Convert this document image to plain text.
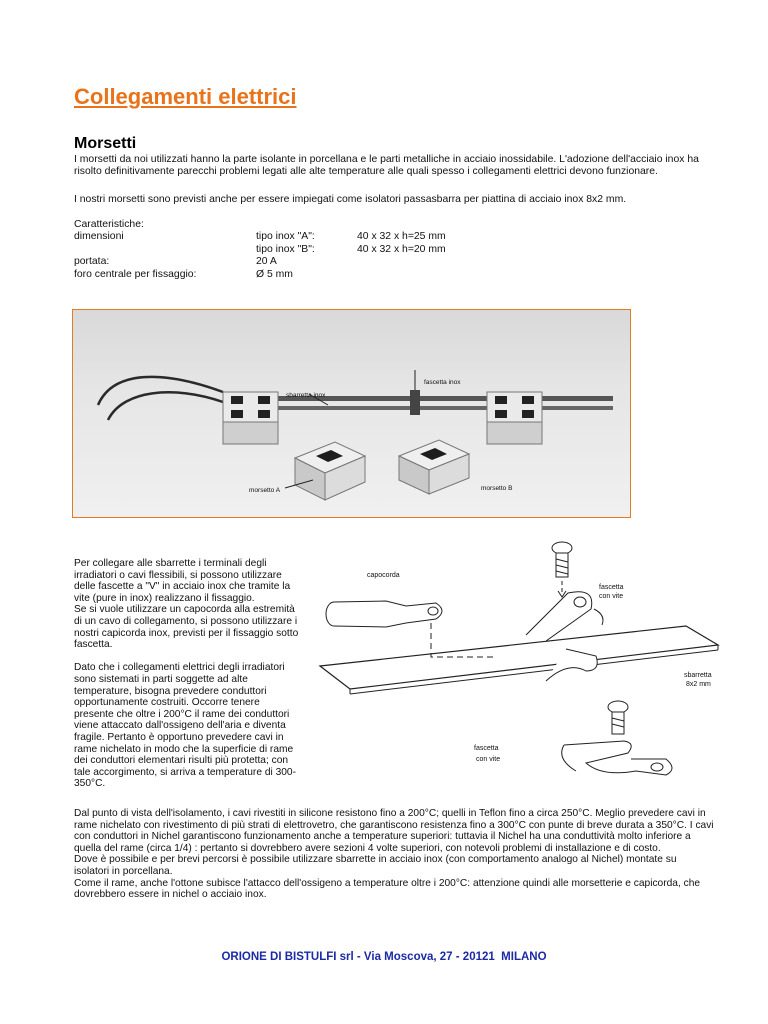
Collegamenti elettrici
Morsetti

I morsetti da noi utilizzati hanno la parte isolante in porcellana e le parti metalliche in acciaio inossidabile. L'adozione dell'acciaio inox ha risolto definitivamente parecchi problemi legati alle alte temperature alle quali spesso i collegamenti elettrici devono funzionare.

I nostri morsetti sono previsti anche per essere impiegati come isolatori passasbarra per piattina di acciaio inox 8x2 mm.

Caratteristiche:
dimensioni	tipo inox "A":	40 x 32 x h=25 mm
tipo inox "B":	40 x 32 x h=20 mm
portata:	20 A
foro centrale per fissaggio:	Ø 5 mm
sbarretta inox
fascetta inox
morsetto A	morsetto B
capocorda
fascetta
con vite
sbarretta
8x2 mm
fascetta
con vite

Per collegare alle sbarrette i terminali degli irradiatori o cavi flessibili, si possono utilizzare delle fascette a "V" in acciaio inox che tramite la vite (pure in inox) realizzano il fissaggio.

Se si vuole utilizzare un capocorda alla estremità di un cavo di collegamento, si possono utilizzare i nostri capicorda inox, previsti per il fissaggio sotto fascetta.

Dato che i collegamenti elettrici degli irradiatori sono sistemati in parti soggette ad alte temperature, bisogna prevedere conduttori opportunamente costruiti. Occorre tenere presente che oltre i 200°C il rame dei conduttori viene attaccato dall'ossigeno dell'aria e diventa fragile. Pertanto è opportuno prevedere cavi in rame nichelato in modo che la superficie di rame dei conduttori elementari risulti più protetta; con tale accorgimento, si arriva a temperature di 300-350°C.

Dal punto di vista dell'isolamento, i cavi rivestiti in silicone resistono fino a 200°C; quelli in Teflon fino a circa 250°C. Meglio prevedere cavi in rame nichelato con rivestimento di più strati di elettrovetro, che garantiscono resistenza fino a 300°C con punte di breve durata a 350°C. I cavi con conduttori in Nichel garantiscono funzionamento anche a temperature superiori: tuttavia il Nichel ha una conduttività molto inferiore a quella del rame (circa 1/4) : pertanto si dovrebbero avere sezioni 4 volte superiori, con notevoli problemi di installazione e di costo.

Dove è possibile e per brevi percorsi è possibile utilizzare sbarrette in acciaio inox (con comportamento analogo al Nichel) montate su isolatori in porcellana.

Come il rame, anche l'ottone subisce l'attacco dell'ossigeno a temperature oltre i 200°C: attenzione quindi alle morsetterie e capicorda, che dovrebbero essere in nichel o acciaio inox.

ORIONE DI BISTULFI srl - Via Moscova, 27 - 20121  MILANO
